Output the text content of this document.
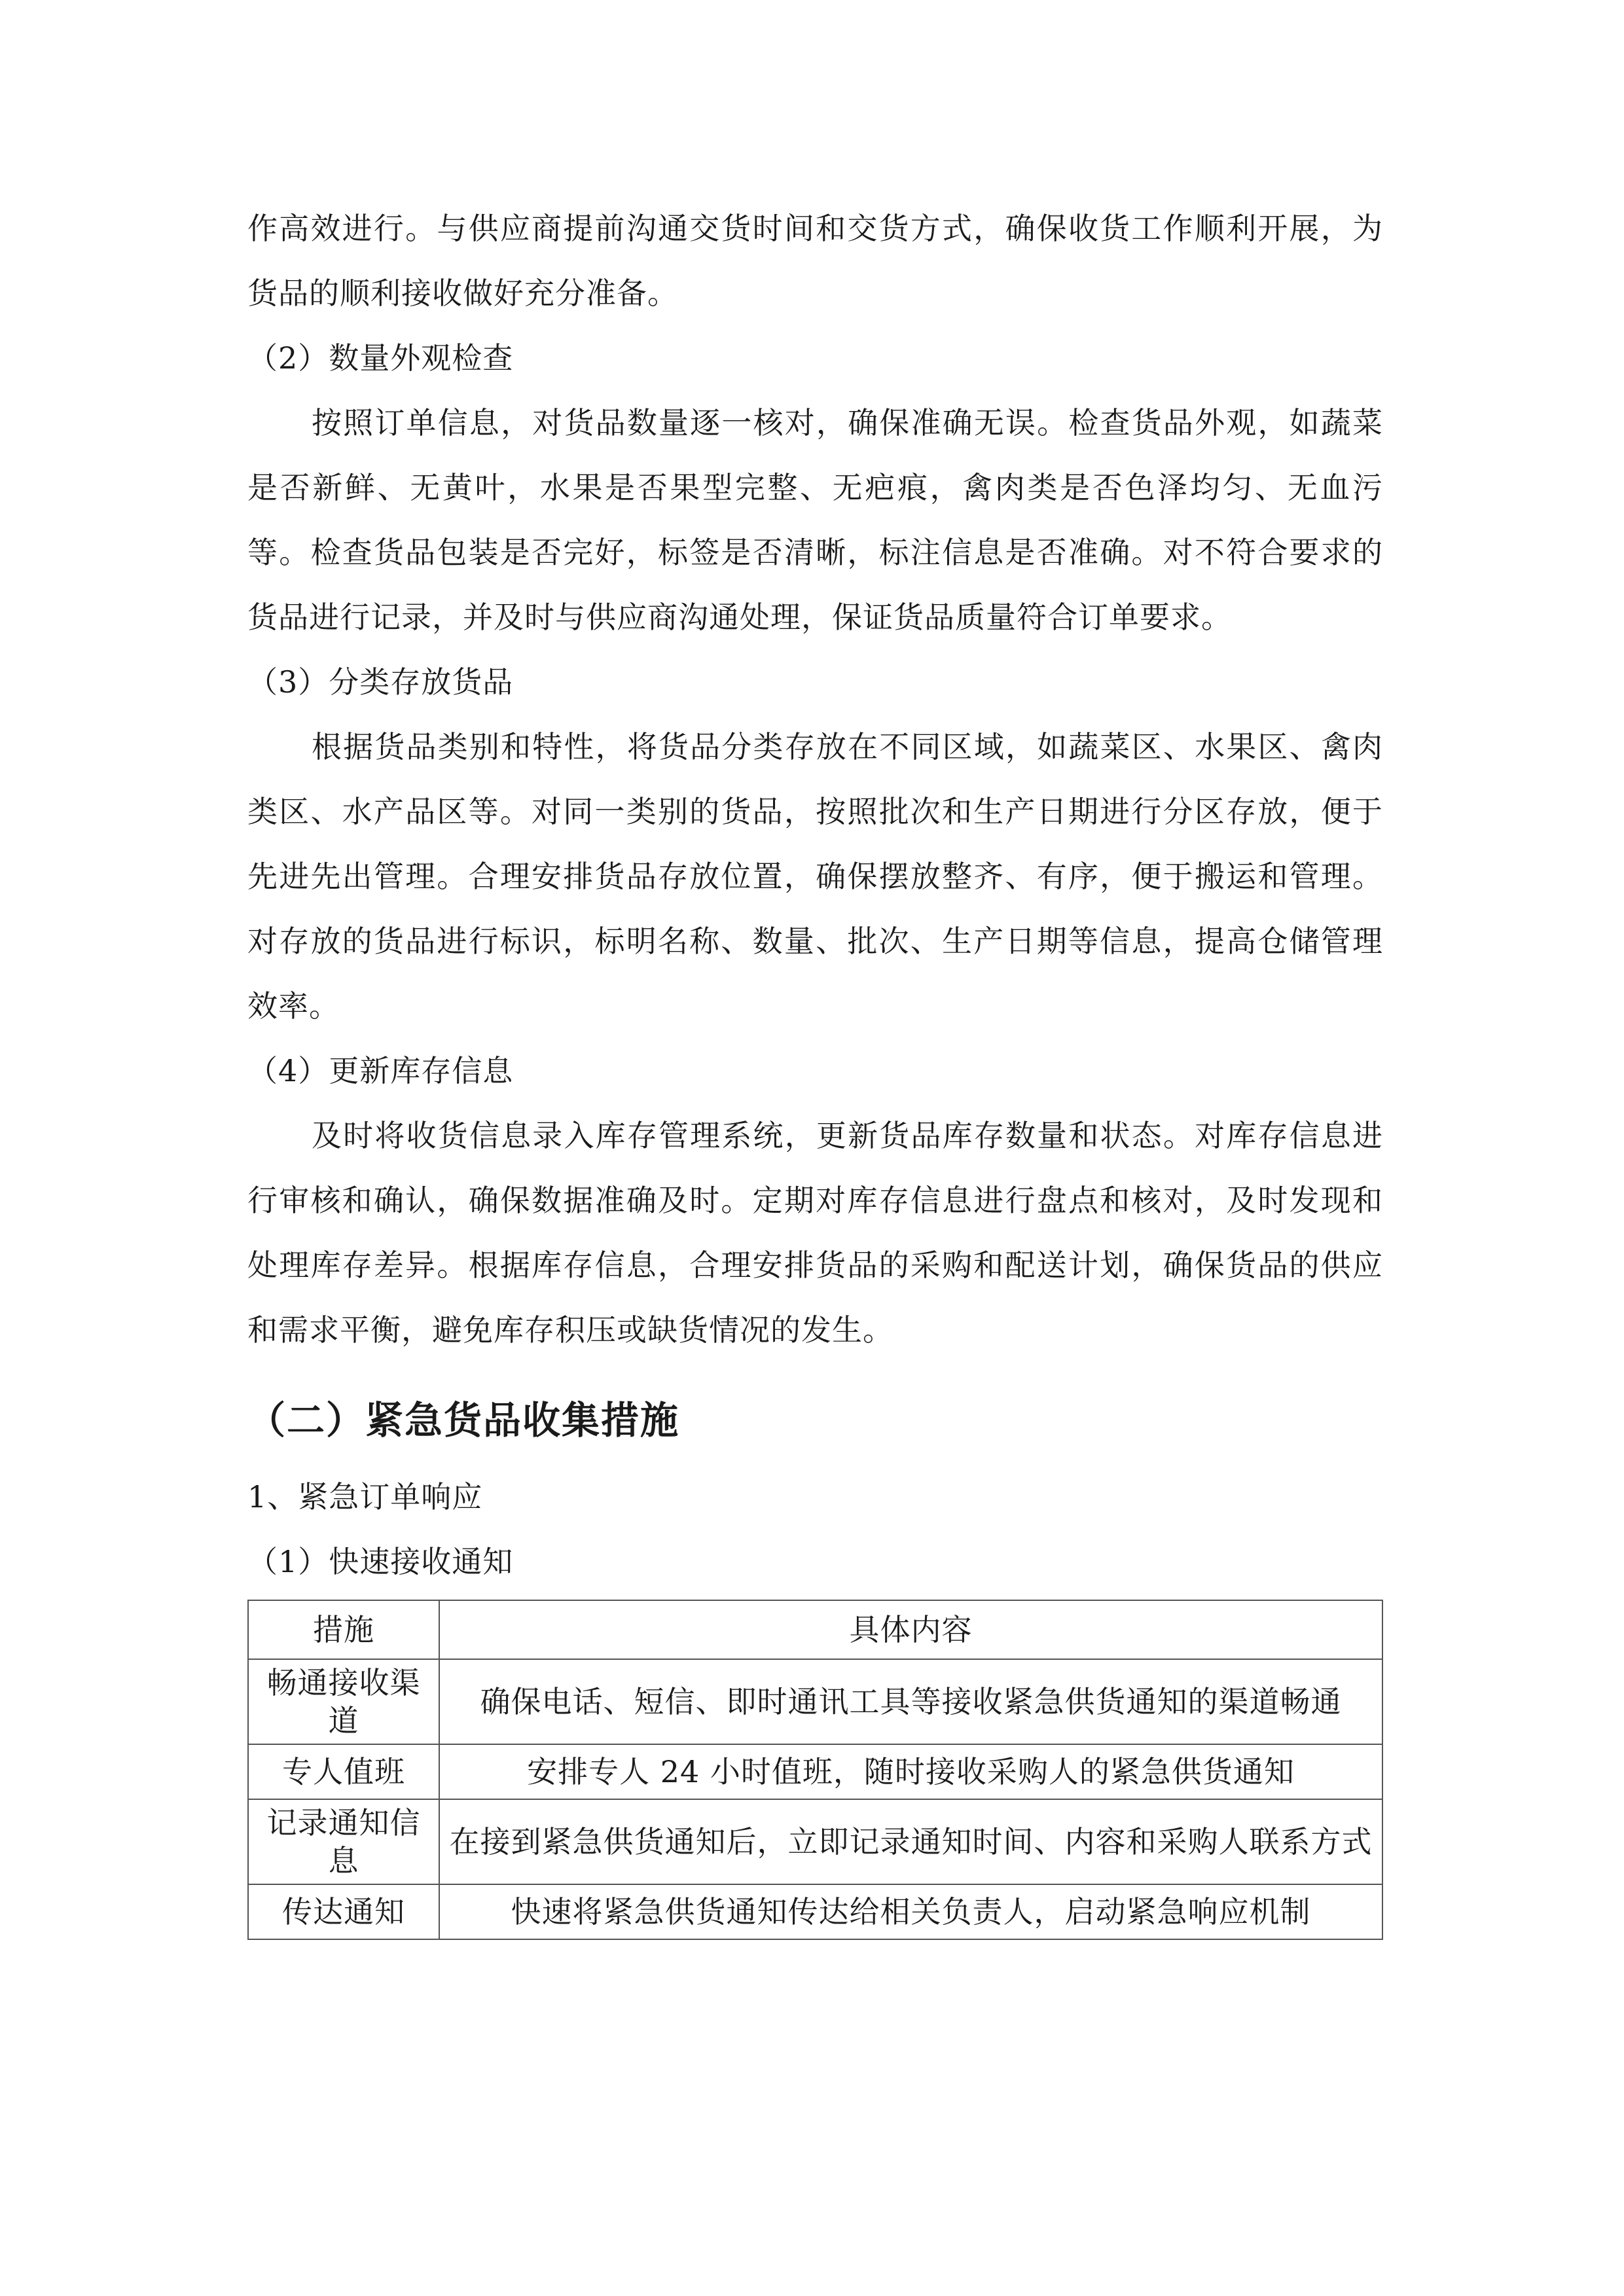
作高效进行。与供应商提前沟通交货时间和交货方式，确保收货工作顺利开展，为货品的顺利接收做好充分准备。

（2）数量外观检查

按照订单信息，对货品数量逐一核对，确保准确无误。检查货品外观，如蔬菜是否新鲜、无黄叶，水果是否果型完整、无疤痕，禽肉类是否色泽均匀、无血污等。检查货品包装是否完好，标签是否清晰，标注信息是否准确。对不符合要求的货品进行记录，并及时与供应商沟通处理，保证货品质量符合订单要求。

（3）分类存放货品

根据货品类别和特性，将货品分类存放在不同区域，如蔬菜区、水果区、禽肉类区、水产品区等。对同一类别的货品，按照批次和生产日期进行分区存放，便于先进先出管理。合理安排货品存放位置，确保摆放整齐、有序，便于搬运和管理。对存放的货品进行标识，标明名称、数量、批次、生产日期等信息，提高仓储管理效率。

（4）更新库存信息

及时将收货信息录入库存管理系统，更新货品库存数量和状态。对库存信息进行审核和确认，确保数据准确及时。定期对库存信息进行盘点和核对，及时发现和处理库存差异。根据库存信息，合理安排货品的采购和配送计划，确保货品的供应和需求平衡，避免库存积压或缺货情况的发生。

（二）紧急货品收集措施

1、紧急订单响应

（1）快速接收通知

措施	具体内容
畅通接收渠道	确保电话、短信、即时通讯工具等接收紧急供货通知的渠道畅通
专人值班	安排专人 24 小时值班，随时接收采购人的紧急供货通知
记录通知信息	在接到紧急供货通知后，立即记录通知时间、内容和采购人联系方式
传达通知	快速将紧急供货通知传达给相关负责人，启动紧急响应机制
